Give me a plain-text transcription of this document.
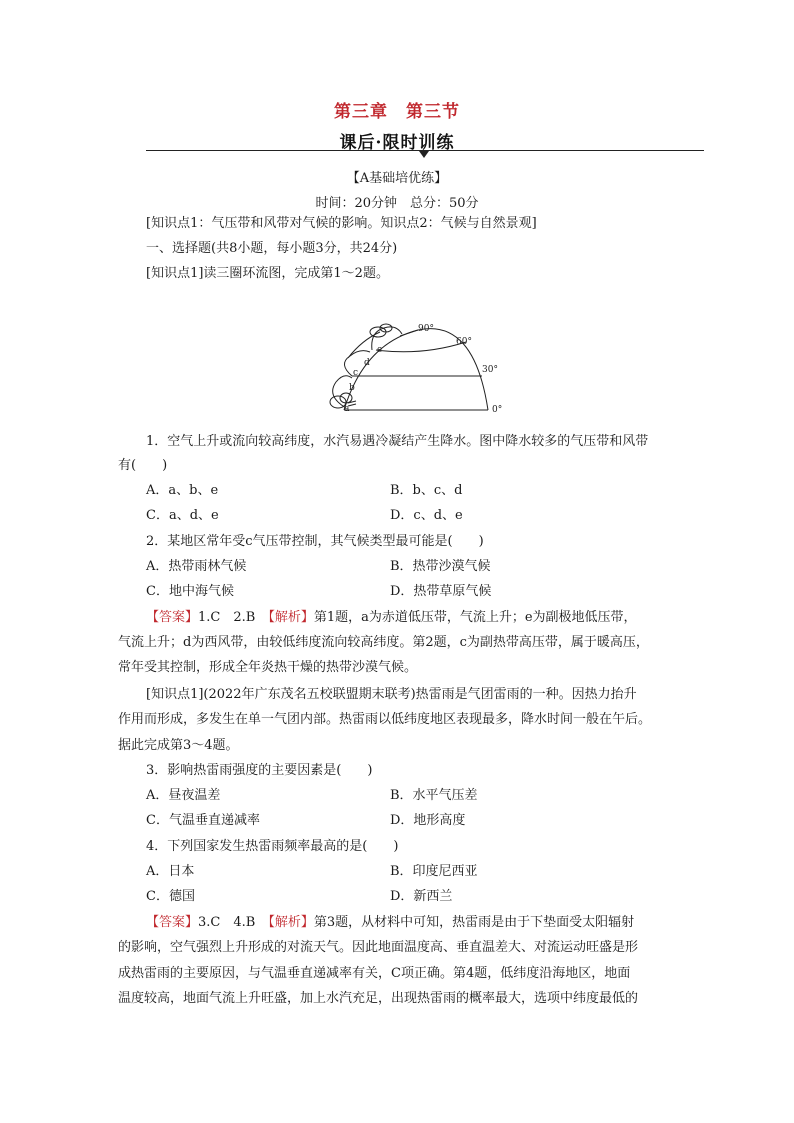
第三章　第三节
课后·限时训练
【A基础培优练】
时间：20分钟　总分：50分
[知识点1：气压带和风带对气候的影响。知识点2：气候与自然景观]
一、选择题(共8小题，每小题3分，共24分)
[知识点1]读三圈环流图，完成第1～2题。
90°
60°
30°
0°
a
b
c
d
e
1．空气上升或流向较高纬度，水汽易遇冷凝结产生降水。图中降水较多的气压带和风带
有(　　)
A．a、b、e	B．b、c、d
C．a、d、e	D．c、d、e
2．某地区常年受c气压带控制，其气候类型最可能是(　　)
A．热带雨林气候	B．热带沙漠气候
C．地中海气候	D．热带草原气候
【答案】1.C　2.B　【解析】第1题，a为赤道低压带，气流上升；e为副极地低压带，
气流上升；d为西风带，由较低纬度流向较高纬度。第2题，c为副热带高压带，属于暖高压，
常年受其控制，形成全年炎热干燥的热带沙漠气候。
[知识点1](2022年广东茂名五校联盟期末联考)热雷雨是气团雷雨的一种。因热力抬升
作用而形成，多发生在单一气团内部。热雷雨以低纬度地区表现最多，降水时间一般在午后。
据此完成第3～4题。
3．影响热雷雨强度的主要因素是(　　)
A．昼夜温差	B．水平气压差
C．气温垂直递减率	D．地形高度
4．下列国家发生热雷雨频率最高的是(　　)
A．日本	B．印度尼西亚
C．德国	D．新西兰
【答案】3.C　4.B　【解析】第3题，从材料中可知，热雷雨是由于下垫面受太阳辐射
的影响，空气强烈上升形成的对流天气。因此地面温度高、垂直温差大、对流运动旺盛是形
成热雷雨的主要原因，与气温垂直递减率有关，C项正确。第4题，低纬度沿海地区，地面
温度较高，地面气流上升旺盛，加上水汽充足，出现热雷雨的概率最大，选项中纬度最低的
